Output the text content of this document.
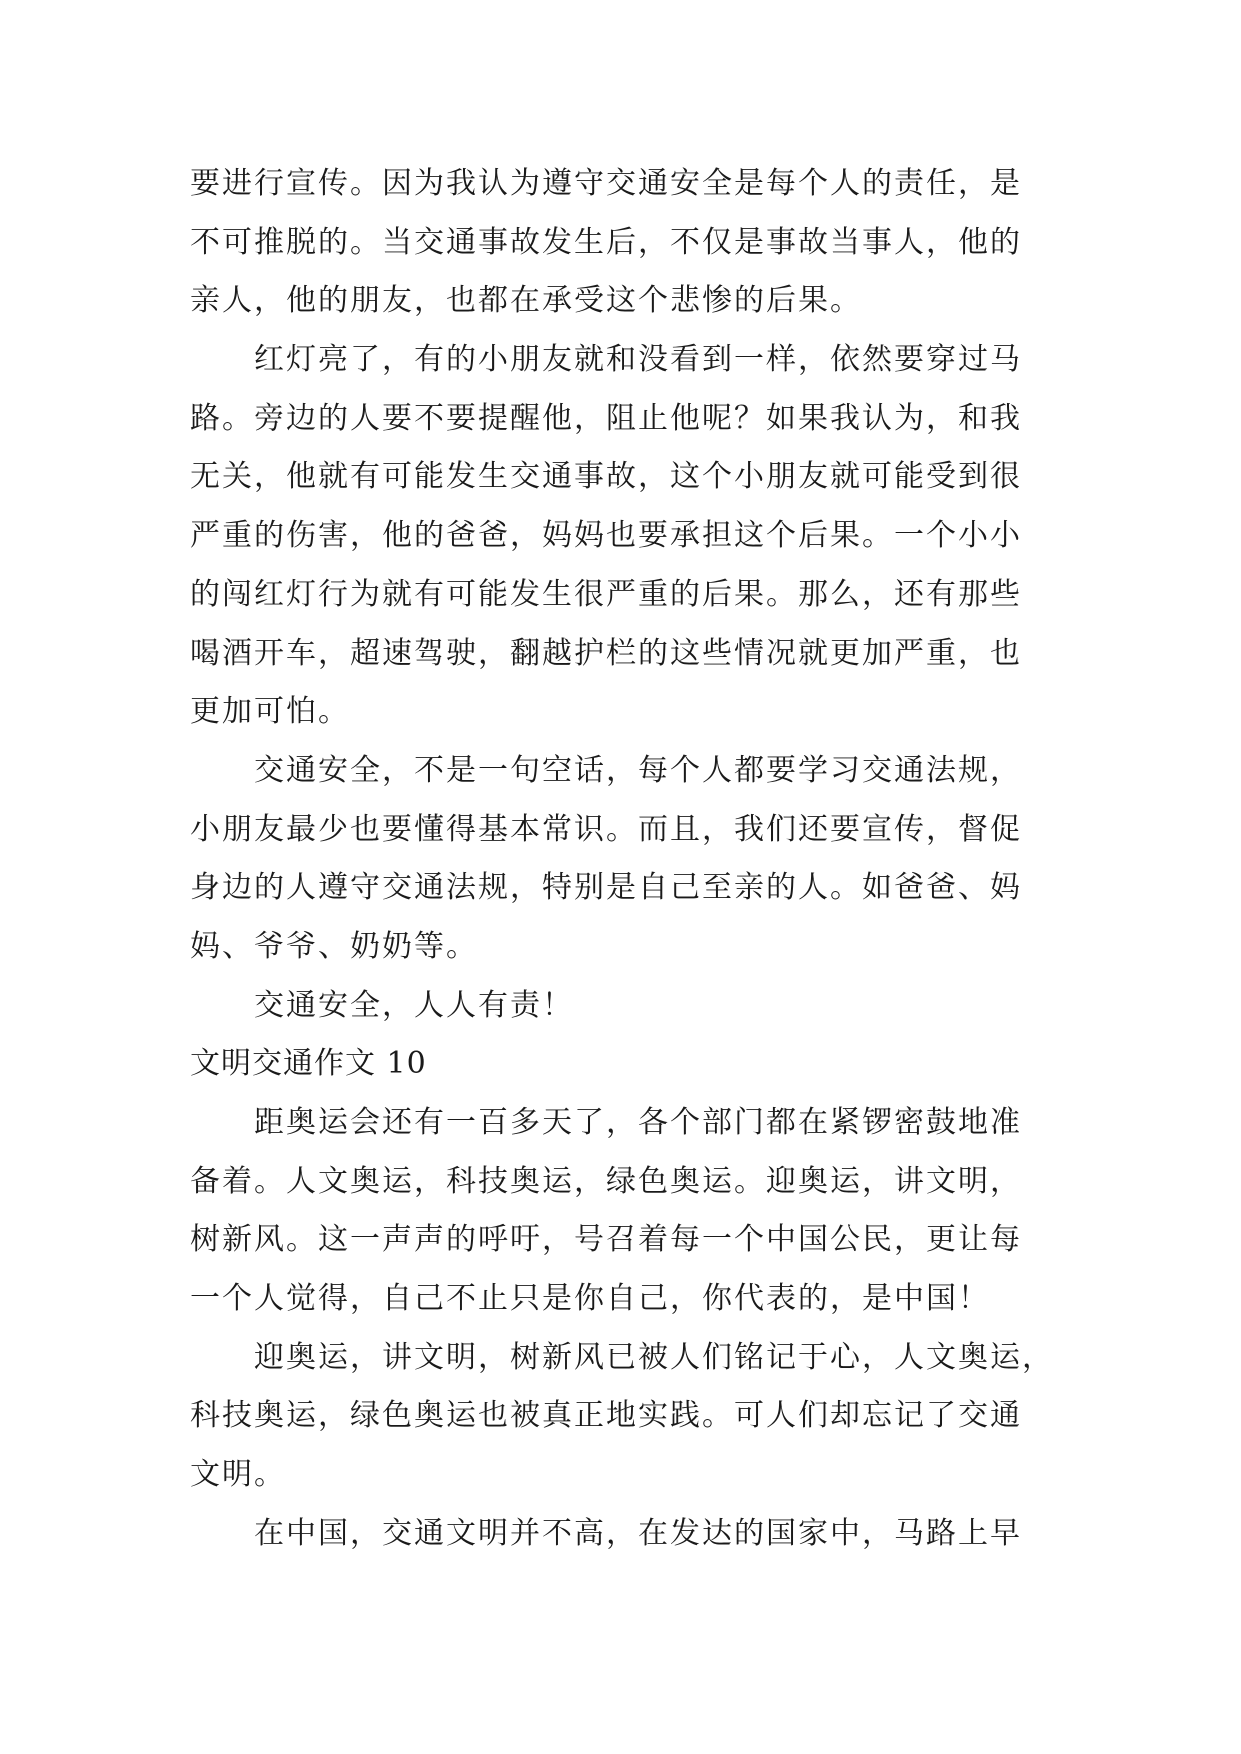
要进行宣传。因为我认为遵守交通安全是每个人的责任，是
不可推脱的。当交通事故发生后，不仅是事故当事人，他的
亲人，他的朋友，也都在承受这个悲惨的后果。
红灯亮了，有的小朋友就和没看到一样，依然要穿过马
路。旁边的人要不要提醒他，阻止他呢？如果我认为，和我
无关，他就有可能发生交通事故，这个小朋友就可能受到很
严重的伤害，他的爸爸，妈妈也要承担这个后果。一个小小
的闯红灯行为就有可能发生很严重的后果。那么，还有那些
喝酒开车，超速驾驶，翻越护栏的这些情况就更加严重，也
更加可怕。
交通安全，不是一句空话，每个人都要学习交通法规，
小朋友最少也要懂得基本常识。而且，我们还要宣传，督促
身边的人遵守交通法规，特别是自己至亲的人。如爸爸、妈
妈、爷爷、奶奶等。
交通安全，人人有责！
文明交通作文 10
距奥运会还有一百多天了，各个部门都在紧锣密鼓地准
备着。人文奥运，科技奥运，绿色奥运。迎奥运，讲文明，
树新风。这一声声的呼吁，号召着每一个中国公民，更让每
一个人觉得，自己不止只是你自己，你代表的，是中国！
迎奥运，讲文明，树新风已被人们铭记于心，人文奥运，
科技奥运，绿色奥运也被真正地实践。可人们却忘记了交通
文明。
在中国，交通文明并不高，在发达的国家中，马路上早
